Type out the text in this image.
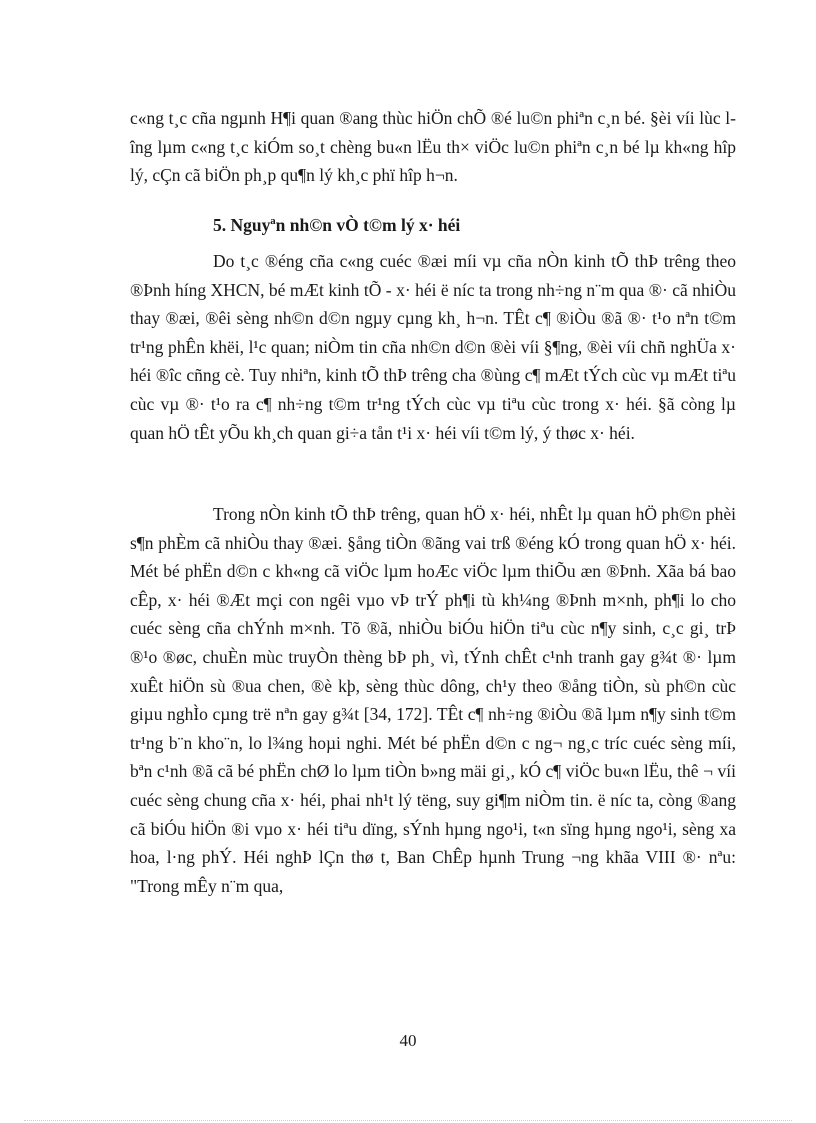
c«ng t¸c cña ngµnh H¶i quan ®ang thùc hiÖn chÕ ®é lu©n phiªn c¸n bé. §èi víi lùc lîng lµm c«ng t¸c kiÓm so¸t chèng bu«n lËu th× viÖc lu©n phiªn c¸n bé lµ kh«ng hîp lý, cÇn cã biÖn ph¸p qu¶n lý kh¸c phï hîp h¬n.

5. Nguyªn nh©n vÒ t©m lý x· héi

Do t¸c ®éng cña c«ng cuéc ®æi míi vµ cña nÒn kinh tÕ thÞ trêng theo ®Þnh híng XHCN, bé mÆt kinh tÕ - x· héi ë níc ta trong nh÷ng n¨m qua ®· cã nhiÒu thay ®æi, ®êi sèng nh©n d©n ngµy cµng kh¸ h¬n. TÊt c¶ ®iÒu ®ã ®· t¹o nªn t©m tr¹ng phÊn khëi, l¹c quan; niÒm tin cña nh©n d©n ®èi víi §¶ng, ®èi víi chñ nghÜa x· héi ®îc cñng cè. Tuy nhiªn, kinh tÕ thÞ trêng cha ®ùng c¶ mÆt tÝch cùc vµ mÆt tiªu cùc vµ ®· t¹o ra c¶ nh÷ng t©m tr¹ng tÝch cùc vµ tiªu cùc trong x· héi. §ã còng lµ quan hÖ tÊt yÕu kh¸ch quan gi÷a tån t¹i x· héi víi t©m lý, ý thøc x· héi.

Trong nÒn kinh tÕ thÞ trêng, quan hÖ x· héi, nhÊt lµ quan hÖ ph©n phèi s¶n phÈm cã nhiÒu thay ®æi. §ång tiÒn ®ãng vai trß ®éng kÓ trong quan hÖ x· héi. Mét bé phËn d©n c kh«ng cã viÖc lµm hoÆc viÖc lµm thiÕu æn ®Þnh. Xãa bá bao cÊp, x· héi ®Æt mçi con ngêi vµo vÞ trÝ ph¶i tù kh¼ng ®Þnh m×nh, ph¶i lo cho cuéc sèng cña chÝnh m×nh. Tõ ®ã, nhiÒu biÓu hiÖn tiªu cùc n¶y sinh, c¸c gi¸ trÞ ®¹o ®øc, chuÈn mùc truyÒn thèng bÞ ph¸ vì, tÝnh chÊt c¹nh tranh gay g¾t ®· lµm xuÊt hiÖn sù ®ua chen, ®è kþ, sèng thùc dông, ch¹y theo ®ång tiÒn, sù ph©n cùc giµu nghÌo cµng trë nªn gay g¾t [34, 172]. TÊt c¶ nh÷ng ®iÒu ®ã lµm n¶y sinh t©m tr¹ng b¨n kho¨n, lo l¾ng hoµi nghi. Mét bé phËn d©n c ng¬ ng¸c tríc cuéc sèng míi, bªn c¹nh ®ã cã bé phËn chØ lo lµm tiÒn b»ng mäi gi¸, kÓ c¶ viÖc bu«n lËu, thê ¬ víi cuéc sèng chung cña x· héi, phai nh¹t lý tëng, suy gi¶m niÒm tin. ë níc ta, còng ®ang cã biÓu hiÖn ®i vµo x· héi tiªu dïng, sÝnh hµng ngo¹i, t«n sïng hµng ngo¹i, sèng xa hoa, l·ng phÝ. Héi nghÞ lÇn thø t, Ban ChÊp hµnh Trung ¬ng khãa VIII ®· nªu: "Trong mÊy n¨m qua,

40
